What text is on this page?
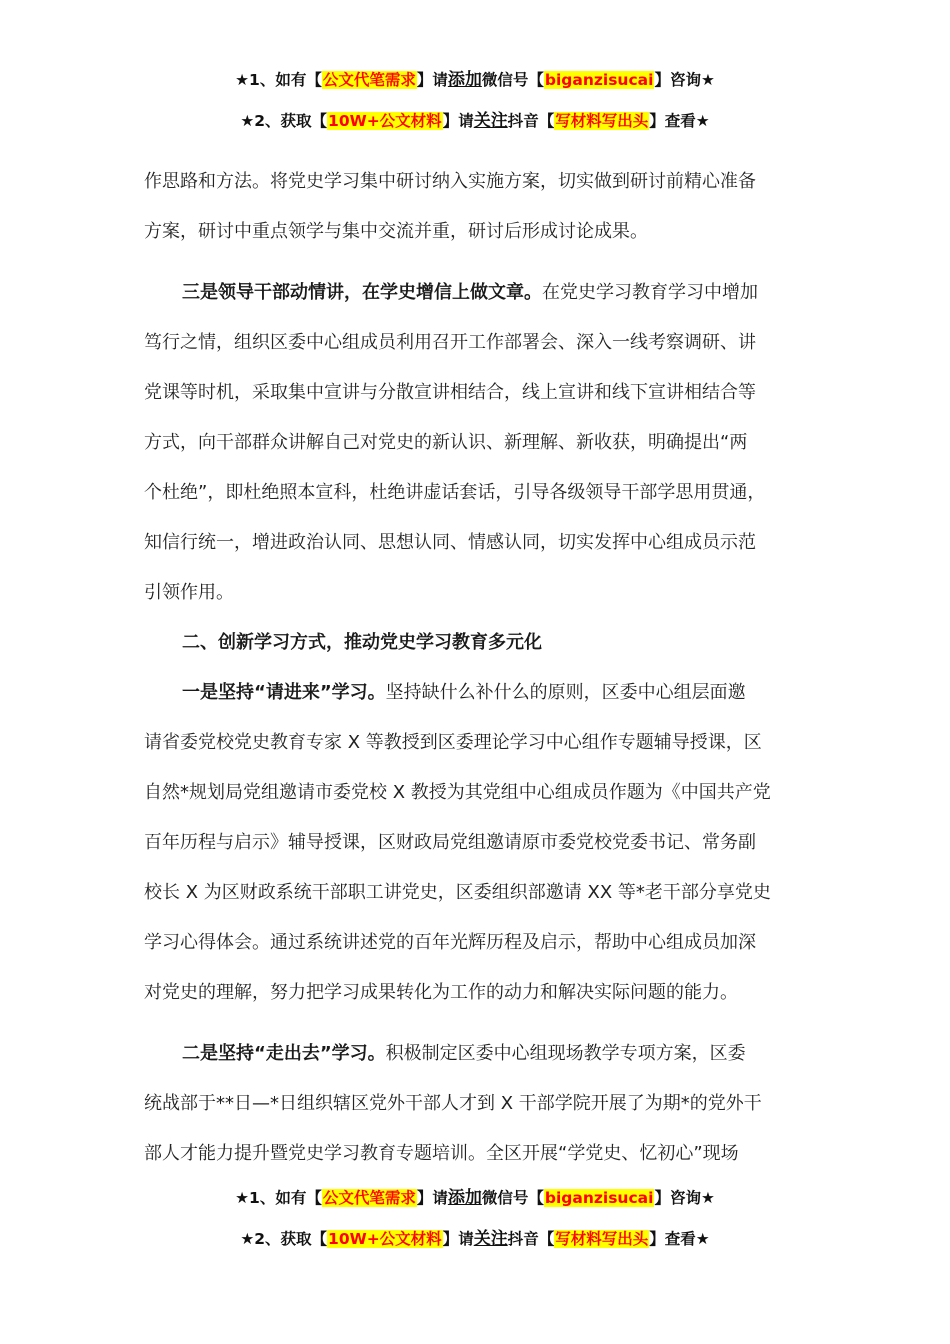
★1、如有【公文代笔需求】请添加微信号【biganzisucai】咨询★
★2、获取【10W+公文材料】请关注抖音【写材料写出头】查看★
作思路和方法。将党史学习集中研讨纳入实施方案，切实做到研讨前精心准备
方案，研讨中重点领学与集中交流并重，研讨后形成讨论成果。
三是领导干部动情讲，在学史增信上做文章。在党史学习教育学习中增加
笃行之情，组织区委中心组成员利用召开工作部署会、深入一线考察调研、讲
党课等时机，采取集中宣讲与分散宣讲相结合，线上宣讲和线下宣讲相结合等
方式，向干部群众讲解自己对党史的新认识、新理解、新收获，明确提出“两
个杜绝”，即杜绝照本宣科，杜绝讲虚话套话，引导各级领导干部学思用贯通，
知信行统一，增进政治认同、思想认同、情感认同，切实发挥中心组成员示范
引领作用。
二、创新学习方式，推动党史学习教育多元化
一是坚持“请进来”学习。坚持缺什么补什么的原则，区委中心组层面邀
请省委党校党史教育专家 X 等教授到区委理论学习中心组作专题辅导授课，区
自然*规划局党组邀请市委党校 X 教授为其党组中心组成员作题为《中国共产党
百年历程与启示》辅导授课，区财政局党组邀请原市委党校党委书记、常务副
校长 X 为区财政系统干部职工讲党史，区委组织部邀请 XX 等*老干部分享党史
学习心得体会。通过系统讲述党的百年光辉历程及启示，帮助中心组成员加深
对党史的理解，努力把学习成果转化为工作的动力和解决实际问题的能力。
二是坚持“走出去”学习。积极制定区委中心组现场教学专项方案，区委
统战部于**日—*日组织辖区党外干部人才到 X 干部学院开展了为期*的党外干
部人才能力提升暨党史学习教育专题培训。全区开展“学党史、忆初心”现场
★1、如有【公文代笔需求】请添加微信号【biganzisucai】咨询★
★2、获取【10W+公文材料】请关注抖音【写材料写出头】查看★
